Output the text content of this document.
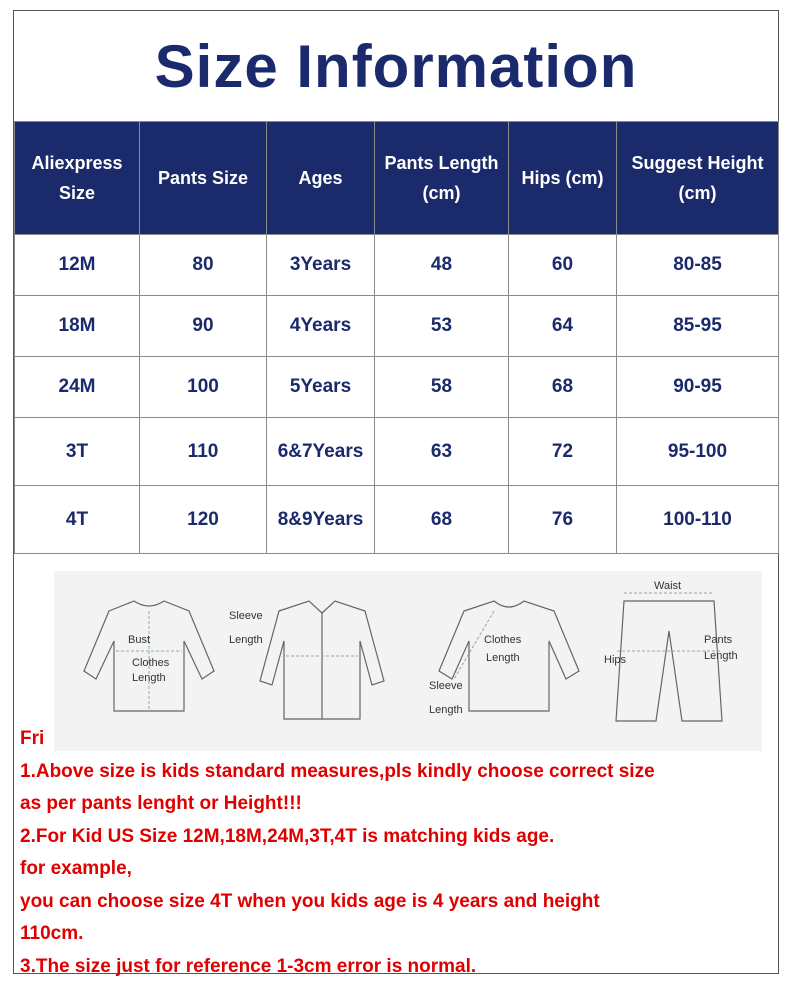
Size Information
Aliexpress Size	Pants Size	Ages	Pants Length (cm)	Hips (cm)	Suggest Height (cm)
12M	80	3Years	48	60	80-85
18M	90	4Years	53	64	85-95
24M	100	5Years	58	68	90-95
3T	110	6&7Years	63	72	95-100
4T	120	8&9Years	68	76	100-110
Bust
Clothes
Length
Sleeve
Length	Clothes
Length
Sleeve
Length
Waist
Hips
Pants
Length
Fri
1.Above size is kids standard measures,pls kindly choose correct size
as per pants lenght or Height!!!
2.For Kid US Size 12M,18M,24M,3T,4T is matching kids age.
for example,
you can choose size 4T when you kids age is 4 years and height
110cm.
3.The size just for reference 1-3cm error is normal.
